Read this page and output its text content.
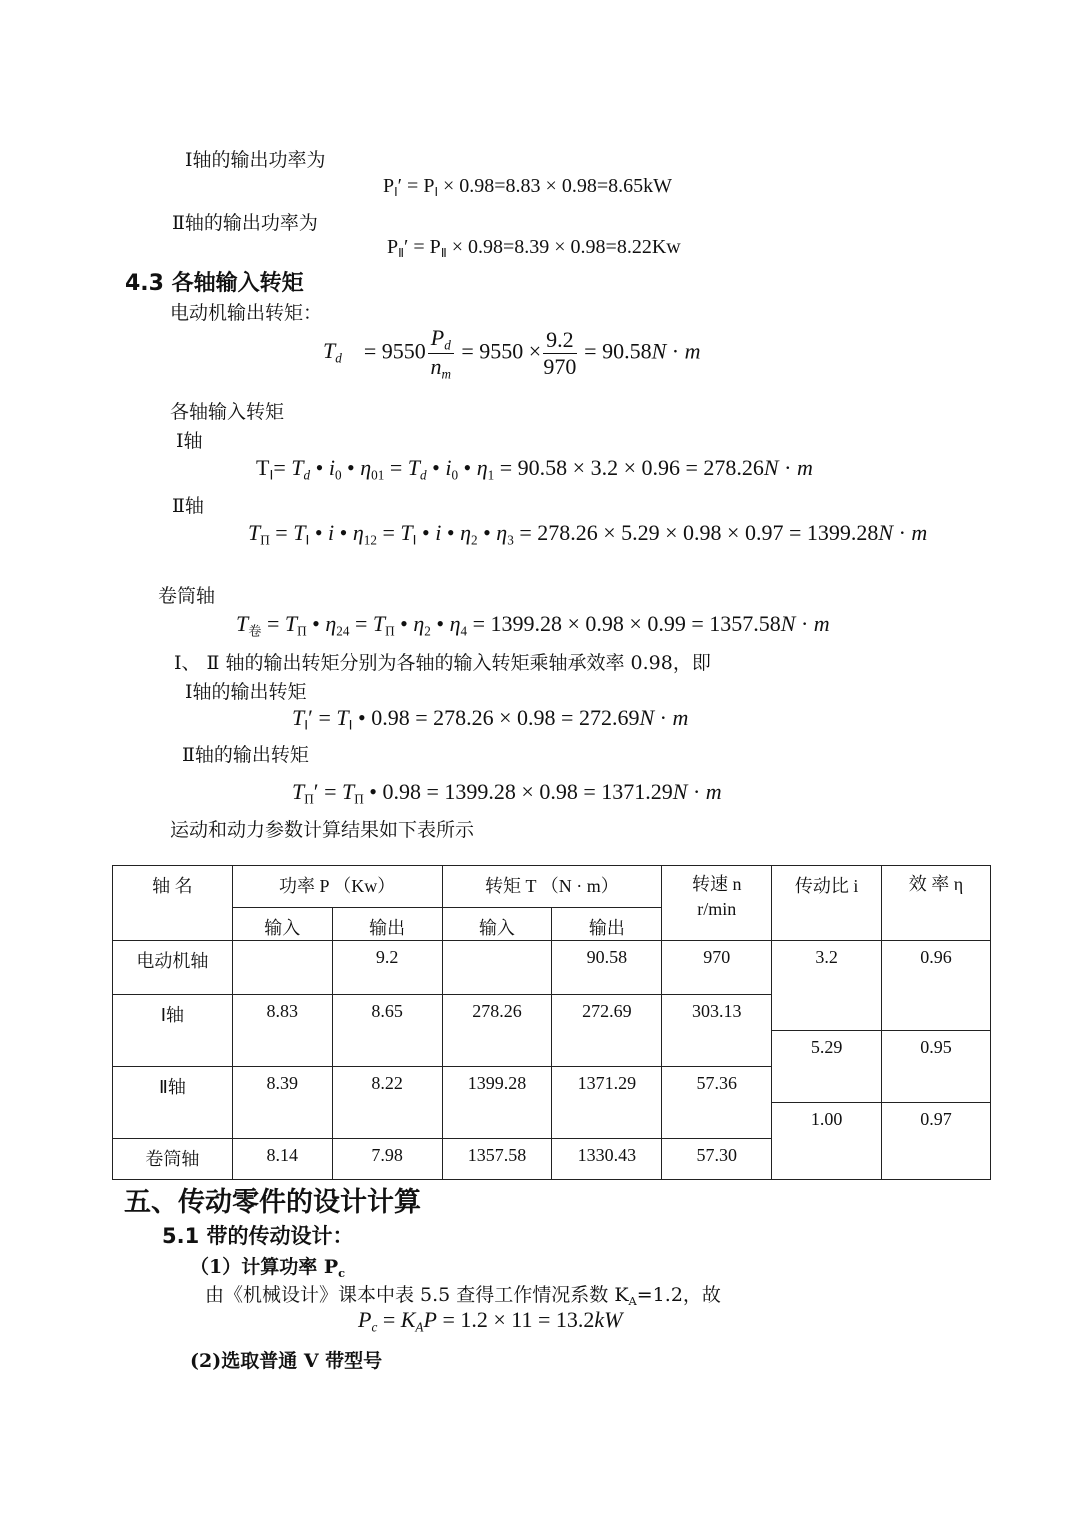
Ⅰ轴的输出功率为
$P_Ⅰ' = P_Ⅰ \times 0.98=8.83 \times 0.98=8.65kW$
Ⅱ轴的输出功率为
$P_Ⅱ' = P_Ⅱ \times 0.98=8.39 \times 0.98=8.22Kw$
4.3 各轴输入转矩
电动机输出转矩：
$T_d$    = $9550 \frac{P_d}{n_m} = 9550 \times \frac{9.2}{970} = 90.58N \cdot m$
各轴输入转矩
Ⅰ轴
$T_Ⅰ= T_d$ • $i_0$ • $\eta_{01} = T_d$ • $i_0$ • $\eta_1 = 90.58 \times 3.2 \times 0.96 = 278.26N \cdot m$
Ⅱ轴
$T_\Pi = T_Ⅰ$ • i • $\eta_{12} = T_Ⅰ$ • i • $\eta_2$ • $\eta_3 = 278.26 \times 5.29 \times 0.98 \times 0.97 = 1399.28N \cdot m$
卷筒轴
$T_卷 = T_\Pi$ • $\eta_{24} = T_\Pi$ • $\eta_2$ • $\eta_4 = 1399.28 \times 0.98 \times 0.99 = 1357.58N \cdot m$
Ⅰ、 Ⅱ 轴的输出转矩分别为各轴的输入转矩乘轴承效率 0.98，即
Ⅰ轴的输出转矩
$T_Ⅰ' = T_Ⅰ$ • 0.98 = 278.26 × 0.98 = 272.69N · m
Ⅱ轴的输出转矩
$T_\Pi' = T_\Pi$ • 0.98 = 1399.28 × 0.98 = 1371.29N · m
运动和动力参数计算结果如下表所示
轴 名	功率 P （Kw）		转矩 T （N · m）		转速 n r/min	传动比 i	效 率 η
	输入	输出	输入	输出			
电动机轴		9.2		90.58	970	3.2	0.96
Ⅰ轴	8.83	8.65	278.26	272.69	303.13		
						5.29	0.95
Ⅱ轴	8.39	8.22	1399.28	1371.29	57.36		
						1.00	0.97
卷筒轴	8.14	7.98	1357.58	1330.43	57.30		
五、传动零件的设计计算
5.1 带的传动设计：
（1）计算功率 $P_c$
由《机械设计》课本中表 5.5 查得工作情况系数 $K_A=1.2$，故
$P_c = K_AP = 1.2 \times 11 = 13.2kW$
(2)选取普通 V 带型号
